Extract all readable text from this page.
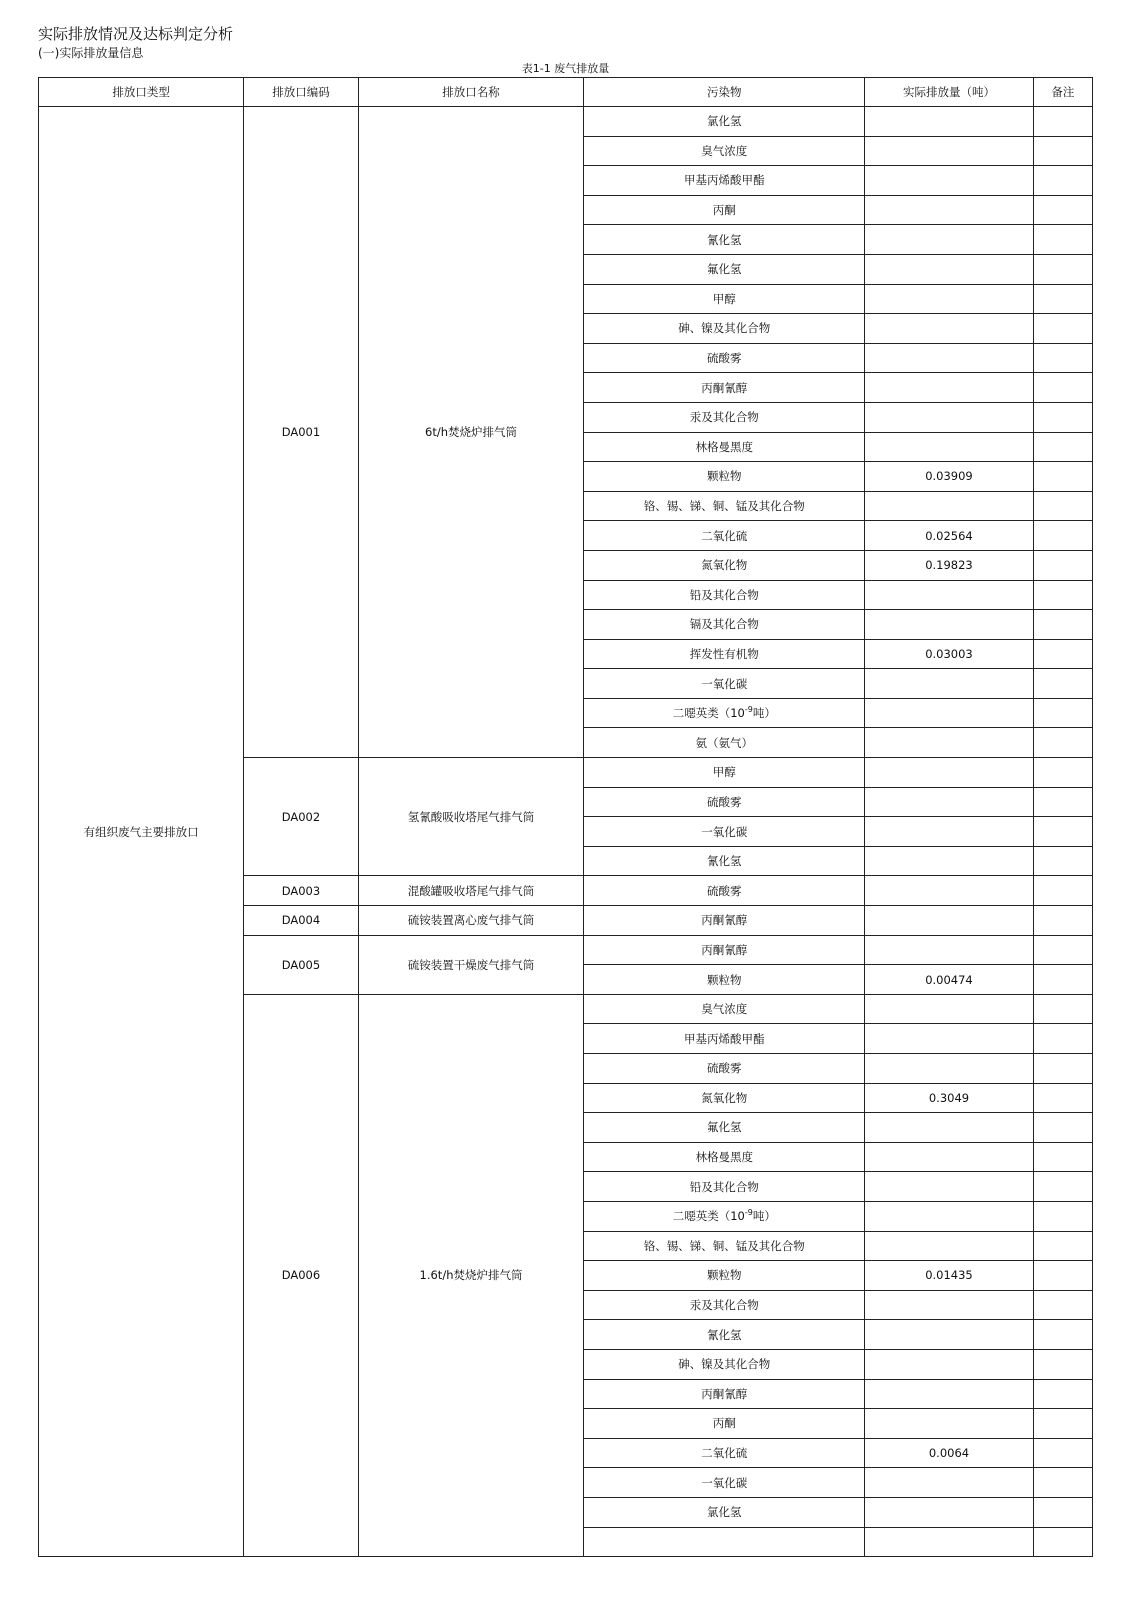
实际排放情况及达标判定分析
(一)实际排放量信息
表1-1 废气排放量
排放口类型	排放口编码	排放口名称	污染物	实际排放量（吨）	备注
有组织废气主要排放口	DA001	6t/h焚烧炉排气筒	氯化氢		
			臭气浓度		
			甲基丙烯酸甲酯		
			丙酮		
			氰化氢		
			氟化氢		
			甲醇		
			砷、镍及其化合物		
			硫酸雾		
			丙酮氰醇		
			汞及其化合物		
			林格曼黑度		
			颗粒物	0.03909	
			铬、锡、锑、铜、锰及其化合物		
			二氧化硫	0.02564	
			氮氧化物	0.19823	
			铅及其化合物		
			镉及其化合物		
			挥发性有机物	0.03003	
			一氧化碳		
			二噁英类（$10^{-9}$吨）		
			氨（氨气）		
	DA002	氢氰酸吸收塔尾气排气筒	甲醇		
			硫酸雾		
			一氧化碳		
			氰化氢		
	DA003	混酸罐吸收塔尾气排气筒	硫酸雾		
	DA004	硫铵装置离心废气排气筒	丙酮氰醇		
	DA005	硫铵装置干燥废气排气筒	丙酮氰醇		
			颗粒物	0.00474	
	DA006	1.6t/h焚烧炉排气筒	臭气浓度		
			甲基丙烯酸甲酯		
			硫酸雾		
			氮氧化物	0.3049	
			氟化氢		
			林格曼黑度		
			铅及其化合物		
			二噁英类（$10^{-9}$吨）		
			铬、锡、锑、铜、锰及其化合物		
			颗粒物	0.01435	
			汞及其化合物		
			氰化氢		
			砷、镍及其化合物		
			丙酮氰醇		
			丙酮		
			二氧化硫	0.0064	
			一氧化碳		
			氯化氢		
